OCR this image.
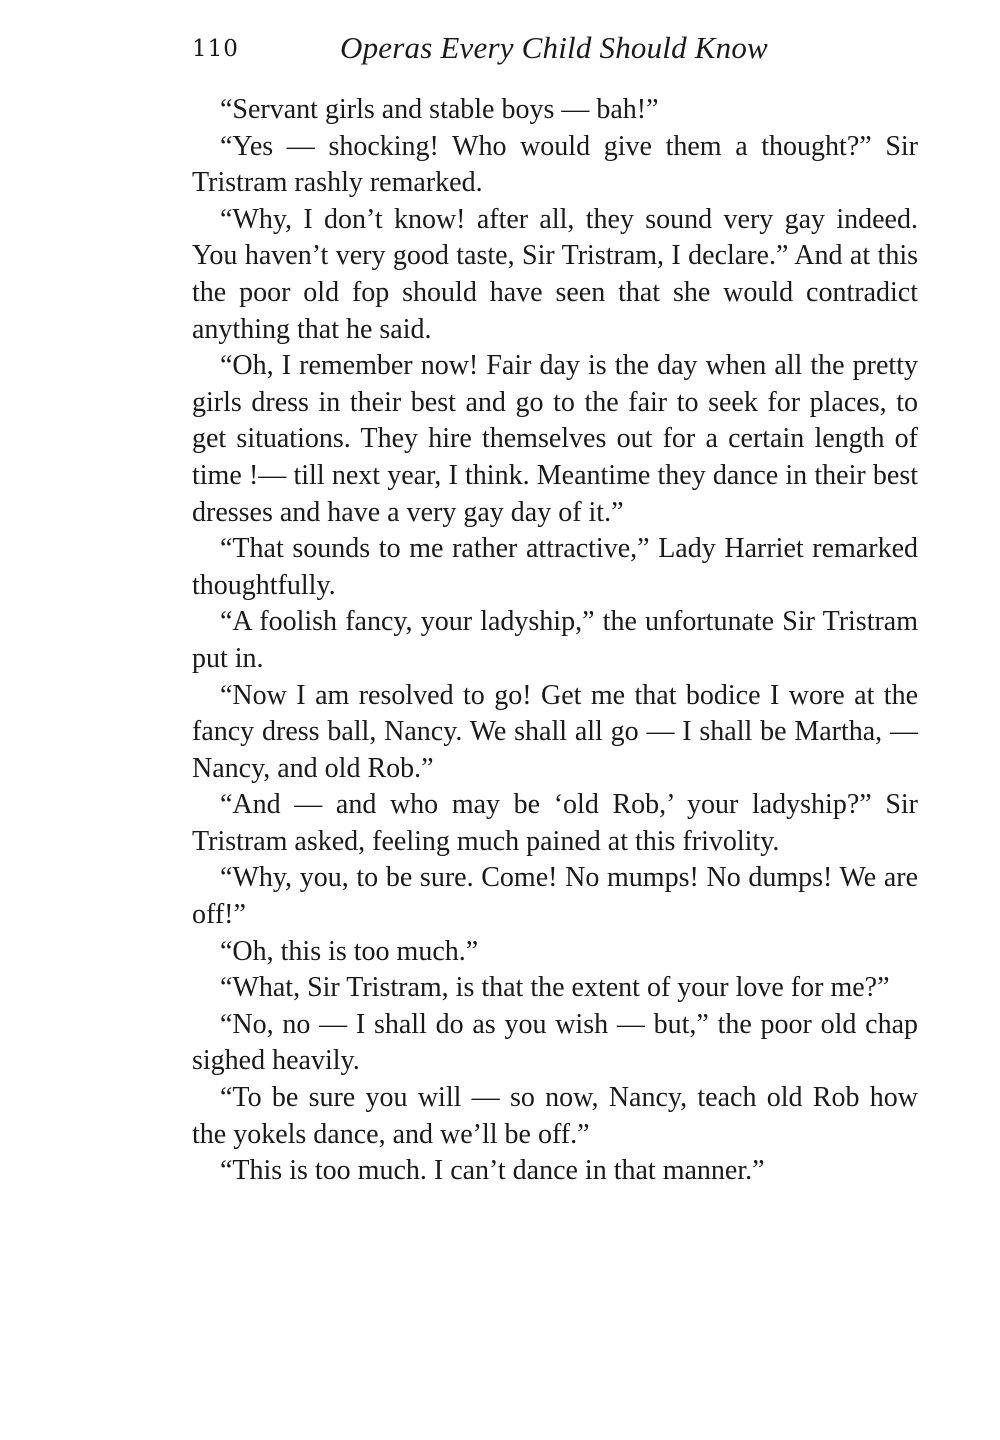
110	Operas Every Child Should Know

“Servant girls and stable boys — bah!”

“Yes — shocking! Who would give them a thought?” Sir Tristram rashly remarked.

“Why, I don’t know! after all, they sound very gay indeed. You haven’t very good taste, Sir Tristram, I declare.” And at this the poor old fop should have seen that she would contradict anything that he said.

“Oh, I remember now! Fair day is the day when all the pretty girls dress in their best and go to the fair to seek for places, to get situations. They hire themselves out for a certain length of time !— till next year, I think. Meantime they dance in their best dresses and have a very gay day of it.”

“That sounds to me rather attractive,” Lady Harriet remarked thoughtfully.

“A foolish fancy, your ladyship,” the unfortunate Sir Tristram put in.

“Now I am resolved to go! Get me that bodice I wore at the fancy dress ball, Nancy. We shall all go — I shall be Martha, — Nancy, and old Rob.”

“And — and who may be ‘old Rob,’ your ladyship?” Sir Tristram asked, feeling much pained at this frivolity.

“Why, you, to be sure. Come! No mumps! No dumps! We are off!”

“Oh, this is too much.”

“What, Sir Tristram, is that the extent of your love for me?”

“No, no — I shall do as you wish — but,” the poor old chap sighed heavily.

“To be sure you will — so now, Nancy, teach old Rob how the yokels dance, and we’ll be off.”

“This is too much. I can’t dance in that manner.”
